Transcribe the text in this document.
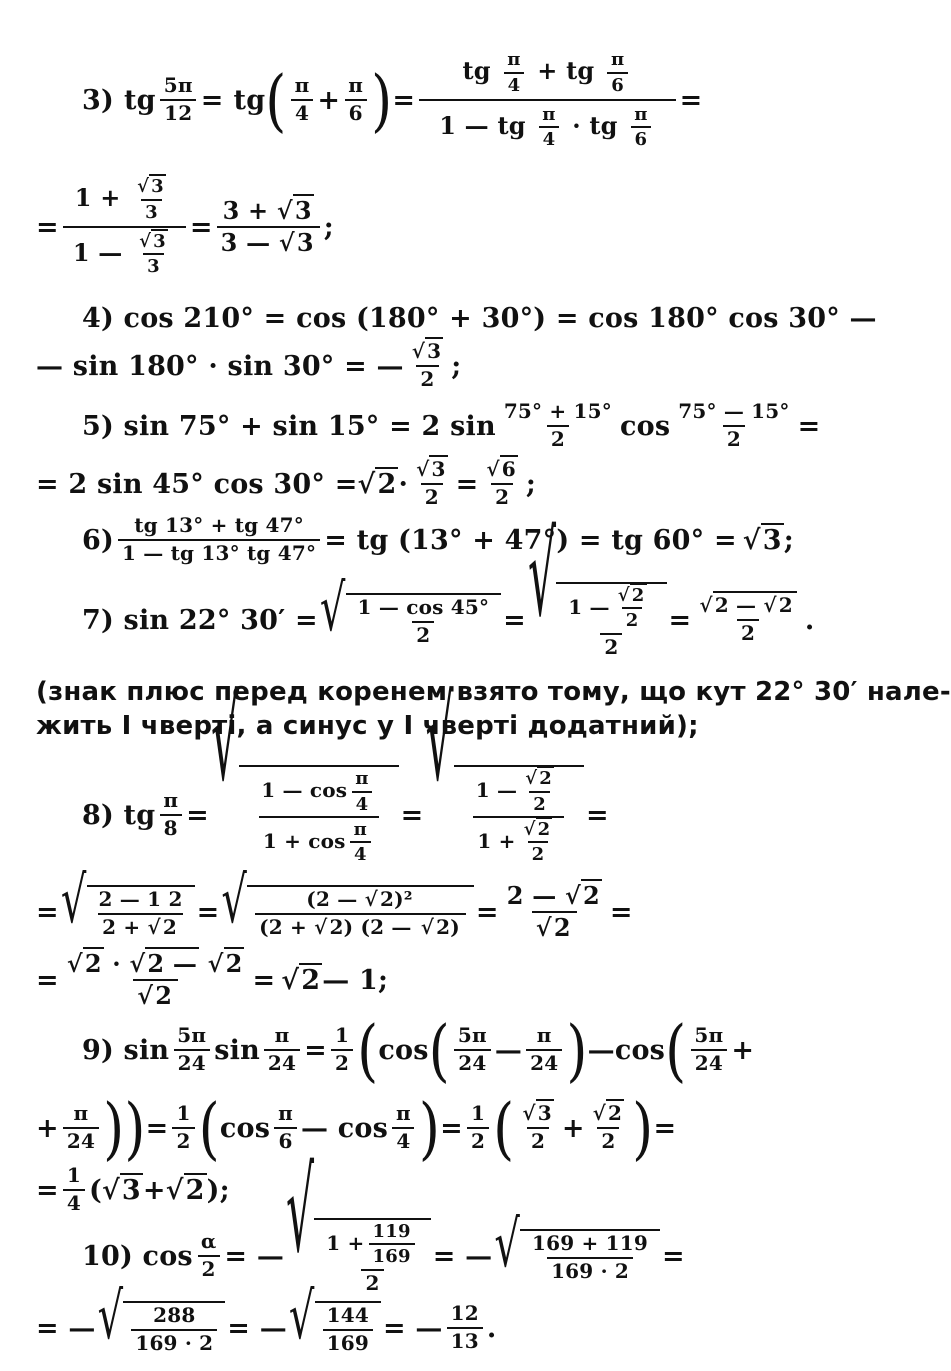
3) tg $\frac{5\pi}{12}$ = tg ( $\frac{\pi}{4} + \frac{\pi}{6}$ ) =
tg $\frac{\pi}{4}$ + tg $\frac{\pi}{6}$
1 — tg $\frac{\pi}{4}$ · tg $\frac{\pi}{6}$
=
= $\frac{1 + \frac{√ 3}{3}}{1 — \frac{√ 3}{3}} = \frac{3 + √3}{3 — √3}$ ;
4) cos 210° = cos (180° + 30°) = cos 180° cos 30° —
— sin 180° · sin 30° = — $\frac{√ 3}{2}$ ;
5) sin 75° + sin 15° = 2 $\sin \frac{75^\circ + 15^\circ}{2}$ $\cos \frac{75^\circ — 15^\circ}{2}$ =
= 2 sin 45° $\cos 30^\circ = √2 \cdot \frac{√ 3}{2} = \frac{√ 6}{2}$ ;
$6) \frac{tg 13^\circ + tg 47^\circ}{1 — tg 13^\circ tg 47^\circ}$ = tg (13° + 47°) = tg 60° = √3 ;
7) sin 22° 30′ = √ $\frac{1 — \cos 45^\circ}{2}$ = √ $\frac{1 — \frac{√ 2}{2}}{2} = \frac{√ 2 — √ 2}{2}$ .
(знак плюс перед коренем взято тому, що кут 22° 30′ нале-
жить I чверті, а синус у I чверті додатний);
8) tg $\frac{\pi}{8}$ =
√
$\frac{1 — \cos \frac{\pi}{4}}{1 + \cos \frac{\pi}{4}}$ =
√
$\frac{1 — \frac{√ 2}{2}}{1 + \frac{√ 2}{2}}$ =
= √ $\frac{2 — 1 2}{2 + √ 2}$ = √ $\frac{\text{(2 — √ 2)²}}{(2 + √ 2) (2 — √ 2)} = \frac{2 — √2}{√2}$ =
= $\frac{√2 \cdot √2 — √2}{√2} = √2$ — 1;
9) $\sin \frac{5\pi}{24}$ $\sin \frac{\pi}{24} = \frac{1}{2}$ ( cos ( $\frac{5\pi}{24}$ — $\frac{\pi}{24}$ ) — cos ( $\frac{5\pi}{24}$ +
+ $\frac{\pi}{24}$ )) = $\frac{1}{2}$ ( $\cos \frac{\pi}{6}$ — $\cos \frac{\pi}{4}$ ) = $\frac{1}{2}$ ( $\frac{√ 3}{2} + \frac{√ 2}{2}$ ) =
= $\frac{1}{4}$ ( √3 + √2 );
10) $\cos \frac{\alpha}{2}$ = — √ $\frac{1 + \frac{119}{169}}{2}$ = — √ $\frac{169 + 119}{169 \cdot 2}$ =
= — √ $\frac{288}{169 \cdot 2}$ = — √ $\frac{144}{169}$ = — $\frac{12}{13}$ .
